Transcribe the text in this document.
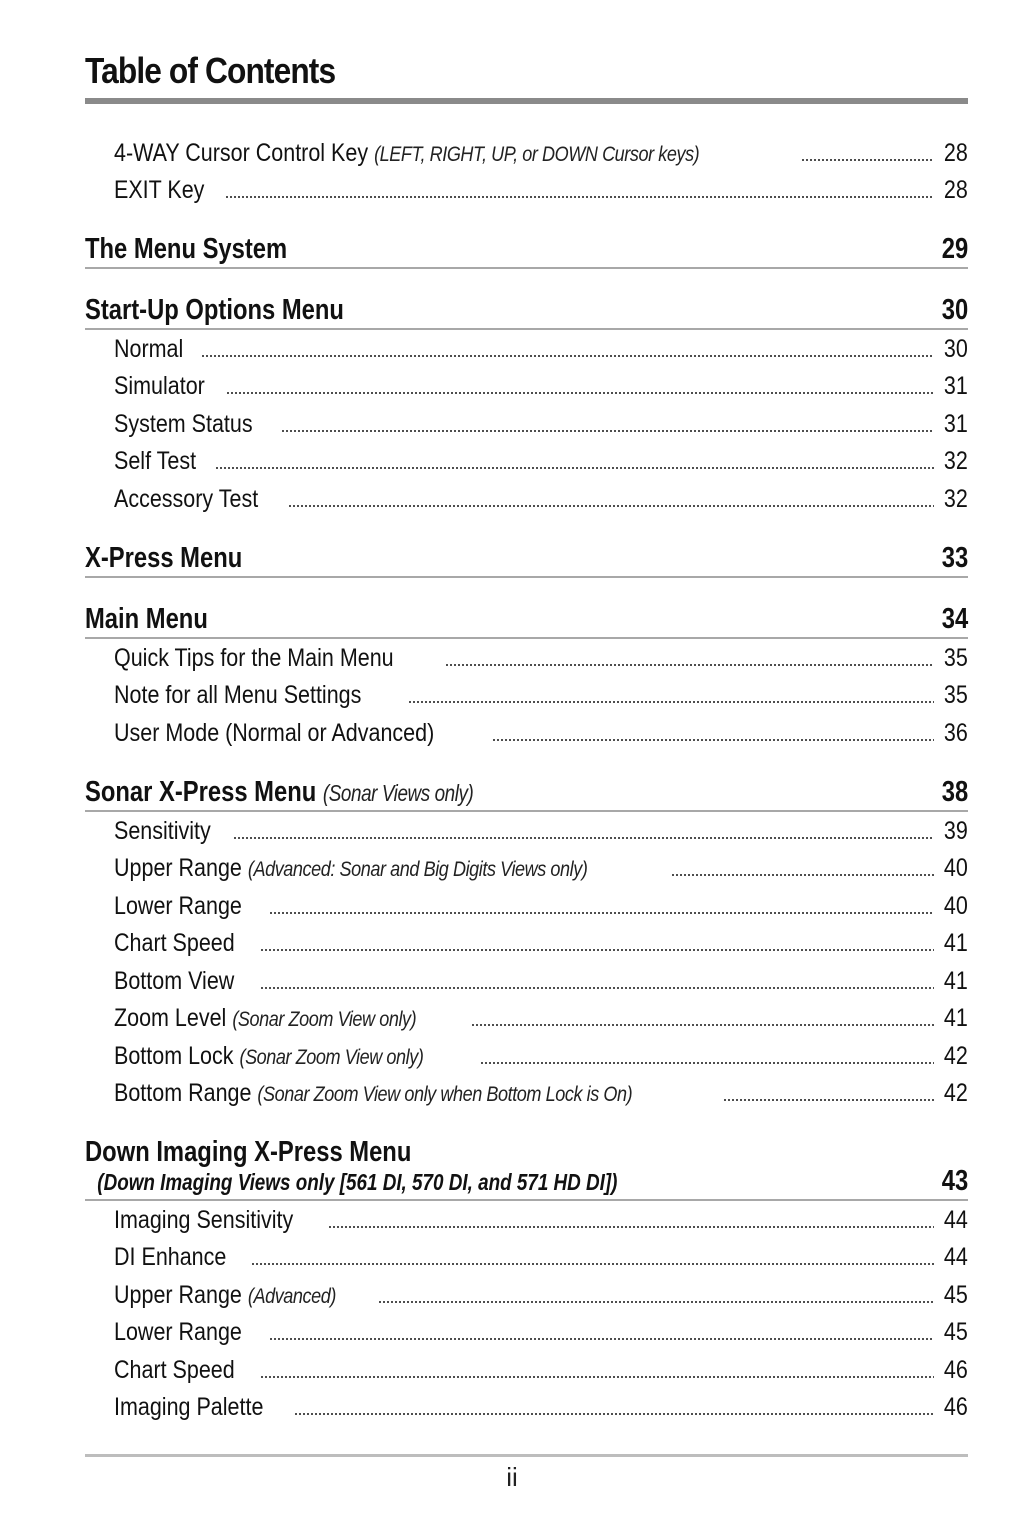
Table of Contents
4-WAY Cursor Control Key (LEFT, RIGHT, UP, or DOWN Cursor keys)	28
EXIT Key	28
The Menu System	29
Start-Up Options Menu	30
Normal	30
Simulator	31
System Status	31
Self Test	32
Accessory Test	32
X-Press Menu	33
Main Menu	34
Quick Tips for the Main Menu	35
Note for all Menu Settings	35
User Mode (Normal or Advanced)	36
Sonar X-Press Menu (Sonar Views only)	38
Sensitivity	39
Upper Range (Advanced: Sonar and Big Digits Views only)	40
Lower Range	40
Chart Speed	41
Bottom View	41
Zoom Level (Sonar Zoom View only)	41
Bottom Lock (Sonar Zoom View only)	42
Bottom Range (Sonar Zoom View only when Bottom Lock is On)	42
Down Imaging X-Press Menu
(Down Imaging Views only [561 DI, 570 DI, and 571 HD DI])	43
Imaging Sensitivity	44
DI Enhance	44
Upper Range (Advanced)	45
Lower Range	45
Chart Speed	46
Imaging Palette	46
ii
